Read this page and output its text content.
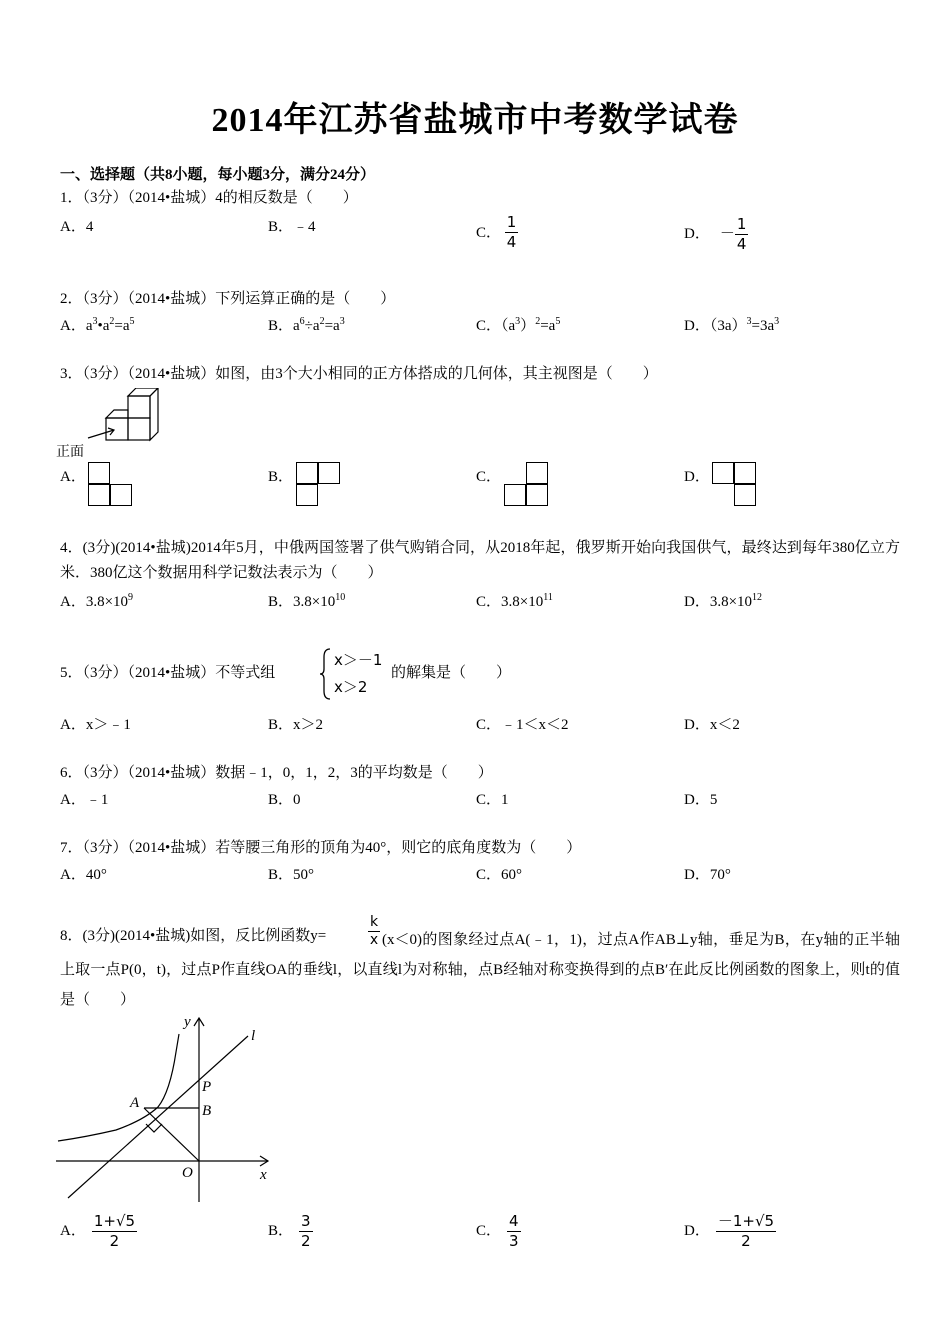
2014年江苏省盐城市中考数学试卷
一、选择题（共8小题，每小题3分，满分24分）
1．（3分）（2014•盐城）4的相反数是（　　）
A．4	B．﹣4	C． $\frac{1}{4}$	D． － $\frac{1}{4}$
2．（3分）（2014•盐城）下列运算正确的是（　　）
A．$a^3•a^2=a^5$	B．$a^6\div a^2=a^3$	C．$(a^3)^2=a^5$	D．$(3a)^3=3a^3$
3．（3分）（2014•盐城）如图，由3个大小相同的正方体搭成的几何体，其主视图是（　　）
正面
A．	B．	C．	D．
4．(3分)(2014•盐城)2014年5月，中俄两国签署了供气购销合同，从2018年起，俄罗斯开始向我国供气，最终达到每年380亿立方米．380亿这个数据用科学记数法表示为（　　）
A．$3.8\times 10^9$	B．$3.8\times 10^{10}$	C．$3.8\times 10^{11}$	D．$3.8\times 10^{12}$
5．（3分）（2014•盐城）不等式组
x＞－1
x＞2
的解集是（　　）
A．x＞﹣1	B．x＞2	C．﹣1＜x＜2	D．x＜2
6．（3分）（2014•盐城）数据﹣1，0，1，2，3的平均数是（　　）
A．﹣1	B．0	C．1	D．5
7．（3分）（2014•盐城）若等腰三角形的顶角为40°，则它的底角度数为（　　）
A．40°	B．50°	C．60°	D．70°
8．(3分)(2014•盐城)如图，反比例函数y=	$\frac{k}{x} (x<0)$的图象经过点A(﹣1，1)，过点A作AB⊥y轴，垂足为B，在y轴的正半轴上取一点P(0，t)，过点P作直线OA的垂线l，以直线l为对称轴，点B经轴对称变换得到的点B′在此反比例函数的图象上，则t的值是（　　）
y
l
P
A	B
O	x
A． $\frac{1+√5}{2}$	B． $\frac{3}{2}$	C． $\frac{4}{3}$	D． $\frac{-1+√5}{2}$
